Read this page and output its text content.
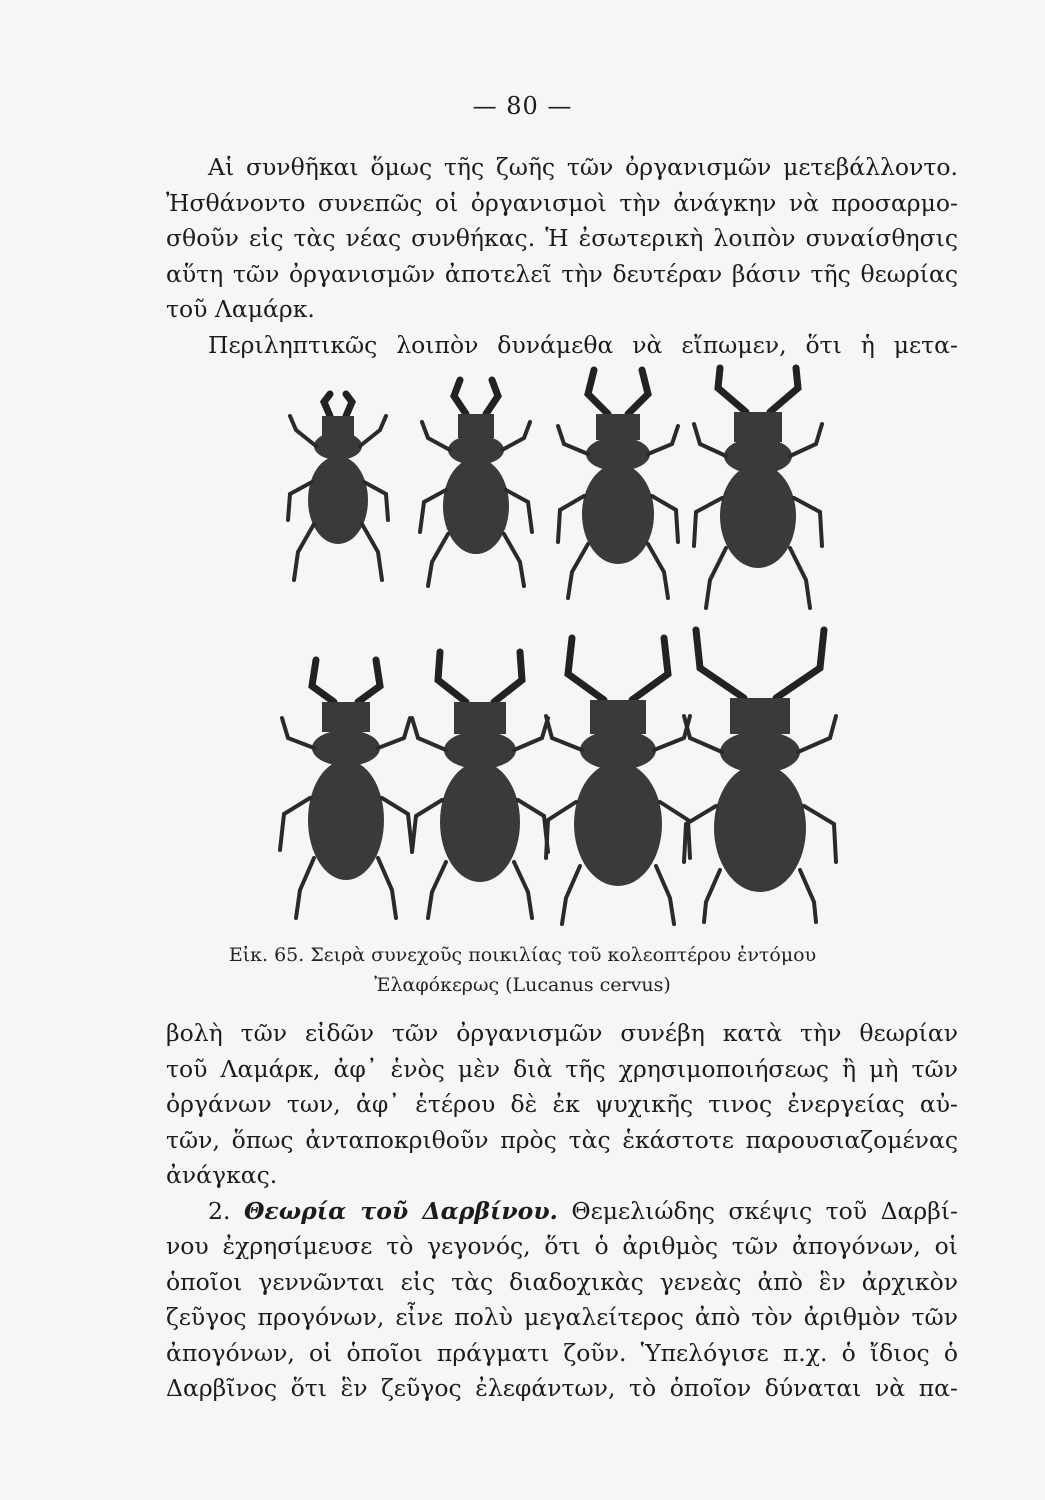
— 80 —
Αἱ συνθῆκαι ὅμως τῆς ζωῆς τῶν ὀργανισμῶν μετεβάλλοντο.
Ἠσθάνοντο συνεπῶς οἱ ὀργανισμοὶ τὴν ἀνάγκην νὰ προσαρμο-
σθοῦν εἰς τὰς νέας συνθήκας. Ἡ ἐσωτερικὴ λοιπὸν συναίσθησις
αὕτη τῶν ὀργανισμῶν ἀποτελεῖ τὴν δευτέραν βάσιν τῆς θεωρίας
τοῦ Λαμάρκ.
Περιληπτικῶς λοιπὸν δυνάμεθα νὰ εἴπωμεν, ὅτι ἡ μετα-
Εἰκ. 65. Σειρὰ συνεχοῦς ποικιλίας τοῦ κολεοπτέρου ἐντόμου
Ἐλαφόκερως (Lucanus cervus)
βολὴ τῶν εἰδῶν τῶν ὀργανισμῶν συνέβη κατὰ τὴν θεωρίαν
τοῦ Λαμάρκ, ἀφ᾽ ἑνὸς μὲν διὰ τῆς χρησιμοποιήσεως ἢ μὴ τῶν
ὀργάνων των, ἀφ᾽ ἑτέρου δὲ ἐκ ψυχικῆς τινος ἐνεργείας αὐ-
τῶν, ὅπως ἀνταποκριθοῦν πρὸς τὰς ἑκάστοτε παρουσιαζομένας
ἀνάγκας.
2. Θεωρία τοῦ Δαρβίνου. Θεμελιώδης σκέψις τοῦ Δαρβί-
νου ἐχρησίμευσε τὸ γεγονός, ὅτι ὁ ἀριθμὸς τῶν ἀπογόνων, οἱ
ὁποῖοι γεννῶνται εἰς τὰς διαδοχικὰς γενεὰς ἀπὸ ἓν ἀρχικὸν
ζεῦγος προγόνων, εἶνε πολὺ μεγαλείτερος ἀπὸ τὸν ἀριθμὸν τῶν
ἀπογόνων, οἱ ὁποῖοι πράγματι ζοῦν. Ὑπελόγισε π.χ. ὁ ἴδιος ὁ
Δαρβῖνος ὅτι ἓν ζεῦγος ἐλεφάντων, τὸ ὁποῖον δύναται νὰ πα-
